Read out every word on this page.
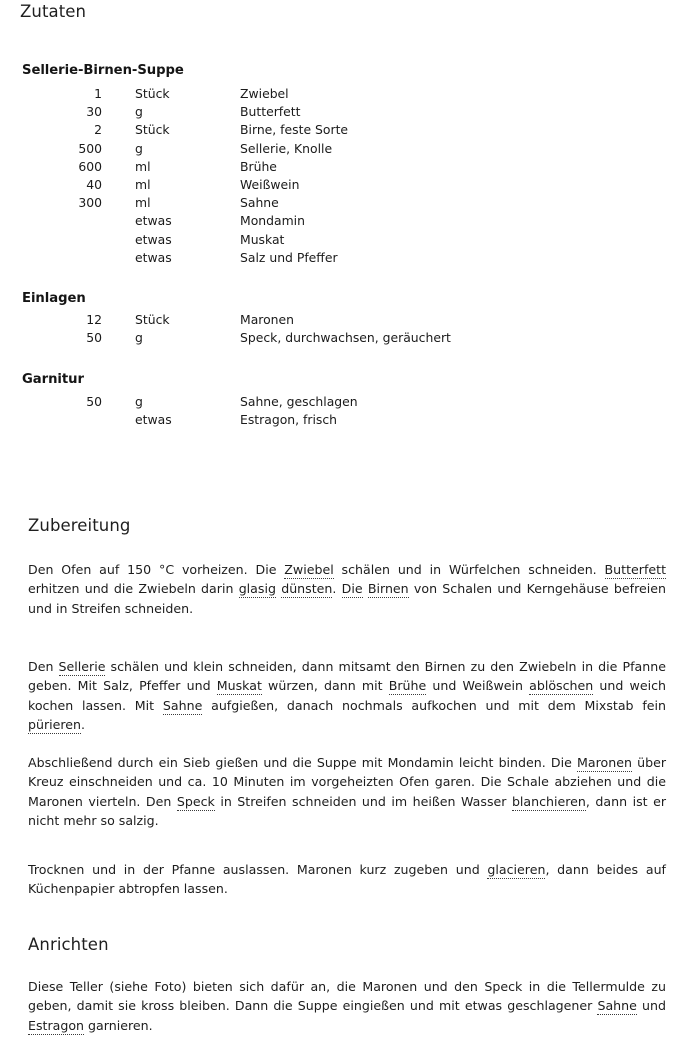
Zutaten
Sellerie-Birnen-Suppe
1	Stück	Zwiebel
30	g	Butterfett
2	Stück	Birne, feste Sorte
500	g	Sellerie, Knolle
600	ml	Brühe
40	ml	Weißwein
300	ml	Sahne
	etwas	Mondamin
	etwas	Muskat
	etwas	Salz und Pfeffer
Einlagen
12	Stück	Maronen
50	g	Speck, durchwachsen, geräuchert
Garnitur
50	g	Sahne, geschlagen
	etwas	Estragon, frisch
Zubereitung
Den Ofen auf 150 °C vorheizen. Die Zwiebel schälen und in Würfelchen schneiden. Butterfett erhitzen und die Zwiebeln darin glasig dünsten. Die Birnen von Schalen und Kerngehäuse befreien und in Streifen schneiden.
Den Sellerie schälen und klein schneiden, dann mitsamt den Birnen zu den Zwiebeln in die Pfanne geben. Mit Salz, Pfeffer und Muskat würzen, dann mit Brühe und Weißwein ablöschen und weich kochen lassen. Mit Sahne aufgießen, danach nochmals aufkochen und mit dem Mixstab fein pürieren.
Abschließend durch ein Sieb gießen und die Suppe mit Mondamin leicht binden. Die Maronen über Kreuz einschneiden und ca. 10 Minuten im vorgeheizten Ofen garen. Die Schale abziehen und die Maronen vierteln. Den Speck in Streifen schneiden und im heißen Wasser blanchieren, dann ist er nicht mehr so salzig.
Trocknen und in der Pfanne auslassen. Maronen kurz zugeben und glacieren, dann beides auf Küchenpapier abtropfen lassen.
Anrichten
Diese Teller (siehe Foto) bieten sich dafür an, die Maronen und den Speck in die Tellermulde zu geben, damit sie kross bleiben. Dann die Suppe eingießen und mit etwas geschlagener Sahne und Estragon garnieren.
